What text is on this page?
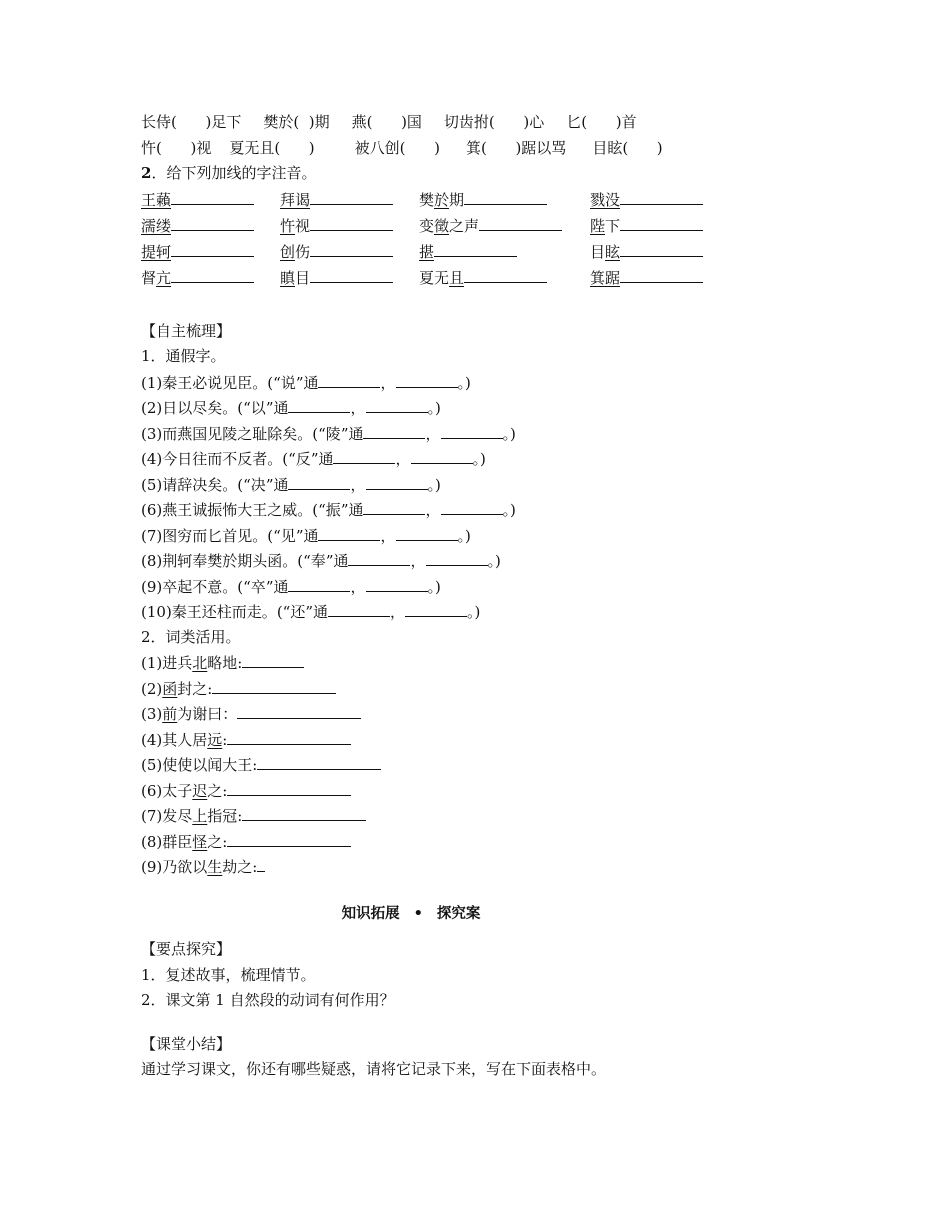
长侍( )足下 樊於( )期 燕( )国 切齿拊( )心 匕( )首
忤( )视 夏无且( )	被八创( ) 箕( )踞以骂 目眩( )
2．给下列加线的字注音。
王藾	拜谒	樊於期	戮没
濡缕	忤视	变徵之声	陛下
提轲	创伤	揕	目眩
督亢	瞋目	夏无且	箕踞
【自主梳理】
1．通假字。
(1)秦王必说见臣。(“说”通	，	。)
(2)日以尽矣。(“以”通	，	。)
(3)而燕国见陵之耻除矣。(“陵”通	，	。)
(4)今日往而不反者。(“反”通	，	。)
(5)请辞决矣。(“决”通	，	。)
(6)燕王诚振怖大王之威。(“振”通	，	。)
(7)图穷而匕首见。(“见”通	，	。)
(8)荆轲奉樊於期头函。(“奉”通	，	。)
(9)卒起不意。(“卒”通	，	。)
(10)秦王还柱而走。(“还”通	，	。)
2．词类活用。
(1)进兵北略地:
(2)函封之:
(3)前为谢曰：
(4)其人居远:
(5)使使以闻大王:
(6)太子迟之:
(7)发尽上指冠:
(8)群臣怪之:
(9)乃欲以生劫之:
知识拓展 • 探究案
【要点探究】
1．复述故事，梳理情节。
2．课文第 1 自然段的动词有何作用？
【课堂小结】
通过学习课文，你还有哪些疑惑，请将它记录下来，写在下面表格中。
